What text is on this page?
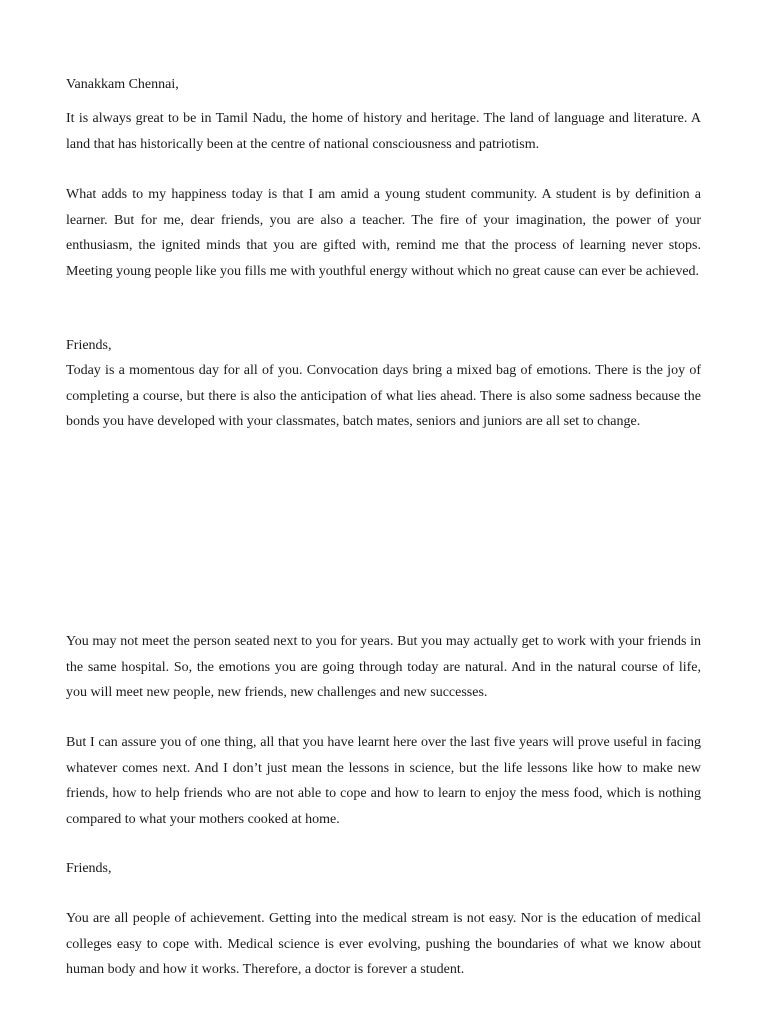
Vanakkam Chennai,

It is always great to be in Tamil Nadu, the home of history and heritage. The land of language and literature. A land that has historically been at the centre of national consciousness and patriotism.

What adds to my happiness today is that I am amid a young student community. A student is by definition a learner. But for me, dear friends, you are also a teacher. The fire of your imagination, the power of your enthusiasm, the ignited minds that you are gifted with, remind me that the process of learning never stops. Meeting young people like you fills me with youthful energy without which no great cause can ever be achieved.

Friends,

Today is a momentous day for all of you. Convocation days bring a mixed bag of emotions. There is the joy of completing a course, but there is also the anticipation of what lies ahead. There is also some sadness because the bonds you have developed with your classmates, batch mates, seniors and juniors are all set to change.

You may not meet the person seated next to you for years. But you may actually get to work with your friends in the same hospital. So, the emotions you are going through today are natural. And in the natural course of life, you will meet new people, new friends, new challenges and new successes.

But I can assure you of one thing, all that you have learnt here over the last five years will prove useful in facing whatever comes next. And I don’t just mean the lessons in science, but the life lessons like how to make new friends, how to help friends who are not able to cope and how to learn to enjoy the mess food, which is nothing compared to what your mothers cooked at home.

Friends,

You are all people of achievement. Getting into the medical stream is not easy. Nor is the education of medical colleges easy to cope with. Medical science is ever evolving, pushing the boundaries of what we know about human body and how it works. Therefore, a doctor is forever a student.
